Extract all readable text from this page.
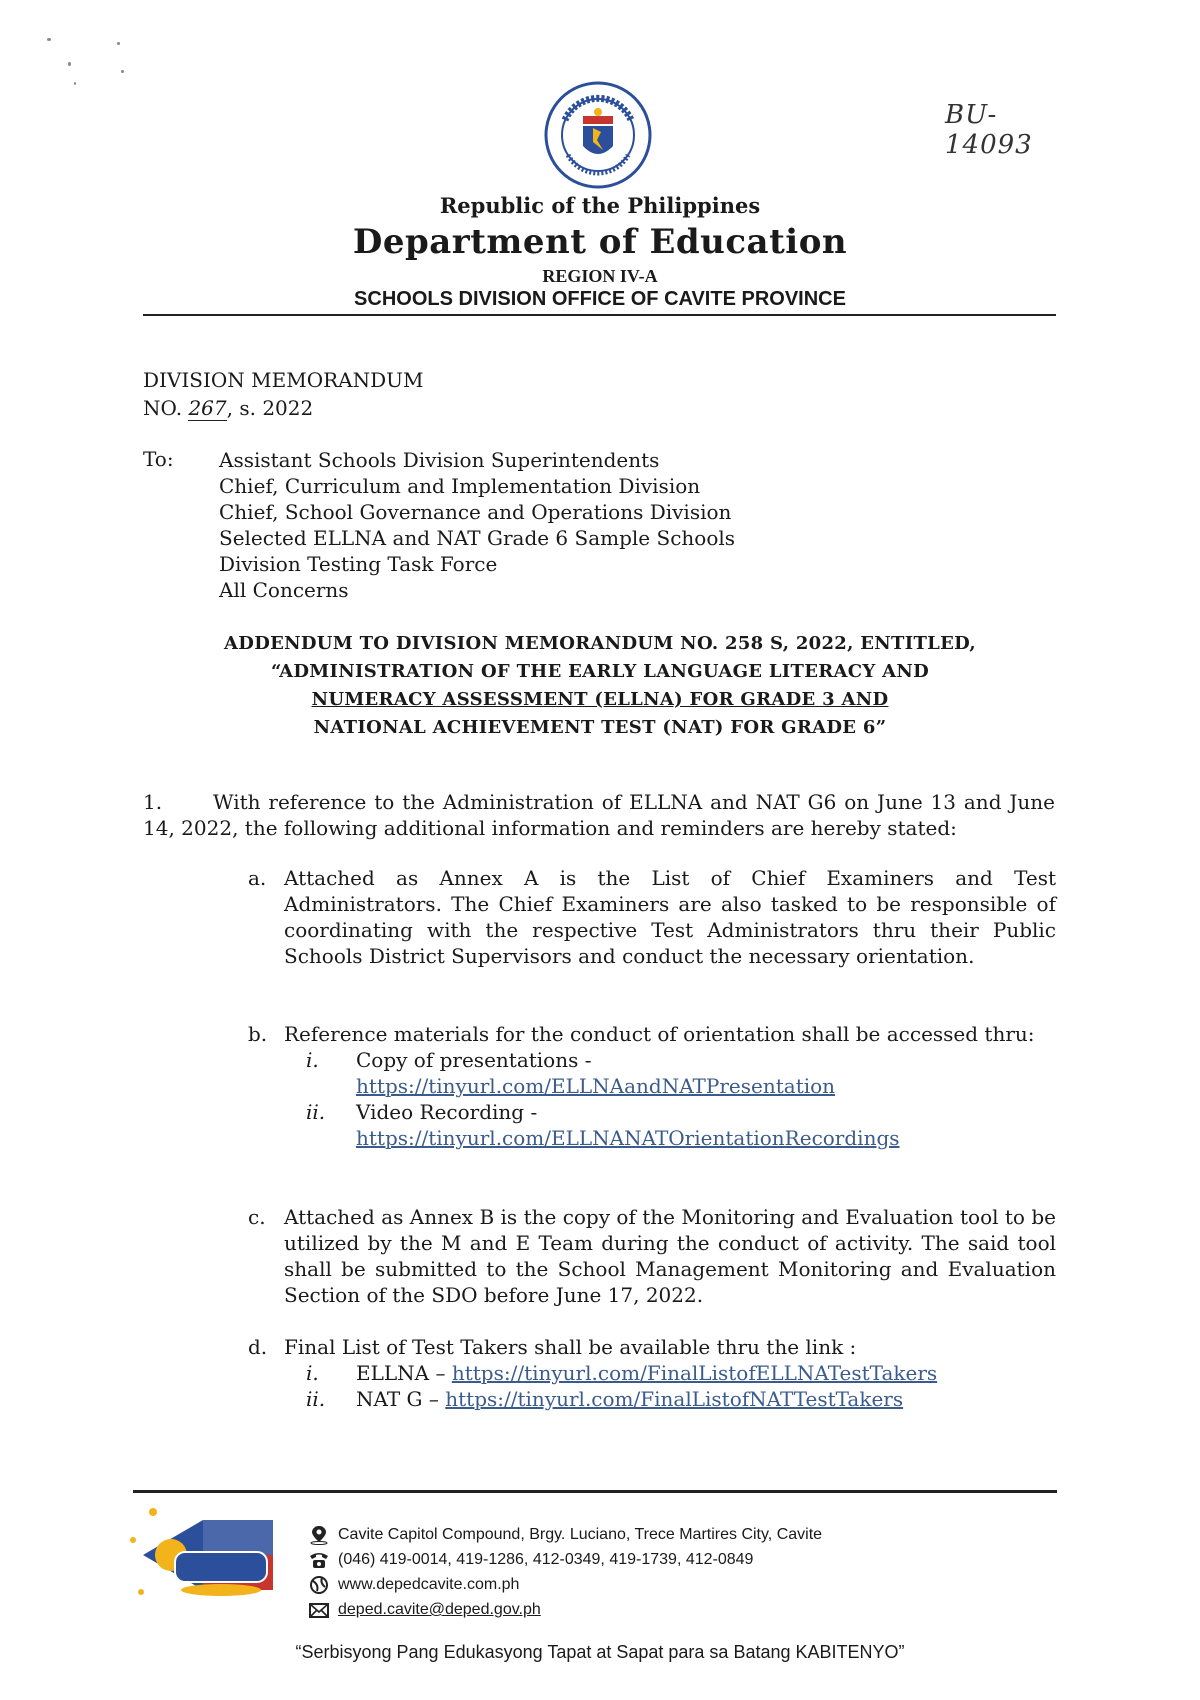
BU-14093
Republic of the Philippines
Department of Education
REGION IV-A
SCHOOLS DIVISION OFFICE OF CAVITE PROVINCE
DIVISION MEMORANDUM
NO. 267, s. 2022
To: Assistant Schools Division Superintendents
Chief, Curriculum and Implementation Division
Chief, School Governance and Operations Division
Selected ELLNA and NAT Grade 6 Sample Schools
Division Testing Task Force
All Concerns
ADDENDUM TO DIVISION MEMORANDUM NO. 258 S, 2022, ENTITLED,
“ADMINISTRATION OF THE EARLY LANGUAGE LITERACY AND
NUMERACY ASSESSMENT (ELLNA) FOR GRADE 3 AND
NATIONAL ACHIEVEMENT TEST (NAT) FOR GRADE 6”
1.	With reference to the Administration of ELLNA and NAT G6 on June 13 and June 14, 2022, the following additional information and reminders are hereby stated:
a. Attached as Annex A is the List of Chief Examiners and Test Administrators. The Chief Examiners are also tasked to be responsible of coordinating with the respective Test Administrators thru their Public Schools District Supervisors and conduct the necessary orientation.
b. Reference materials for the conduct of orientation shall be accessed thru:
i. Copy of presentations -
https://tinyurl.com/ELLNAandNATPresentation
ii. Video Recording -
https://tinyurl.com/ELLNANATOrientationRecordings
c. Attached as Annex B is the copy of the Monitoring and Evaluation tool to be utilized by the M and E Team during the conduct of activity. The said tool shall be submitted to the School Management Monitoring and Evaluation Section of the SDO before June 17, 2022.
d. Final List of Test Takers shall be available thru the link :
i. ELLNA – https://tinyurl.com/FinalListofELLNATestTakers
ii. NAT G – https://tinyurl.com/FinalListofNATTestTakers
Cavite Capitol Compound, Brgy. Luciano, Trece Martires City, Cavite
(046) 419-0014, 419-1286, 412-0349, 419-1739, 412-0849
www.depedcavite.com.ph
deped.cavite@deped.gov.ph
“Serbisyong Pang Edukasyong Tapat at Sapat para sa Batang KABITENYO”
